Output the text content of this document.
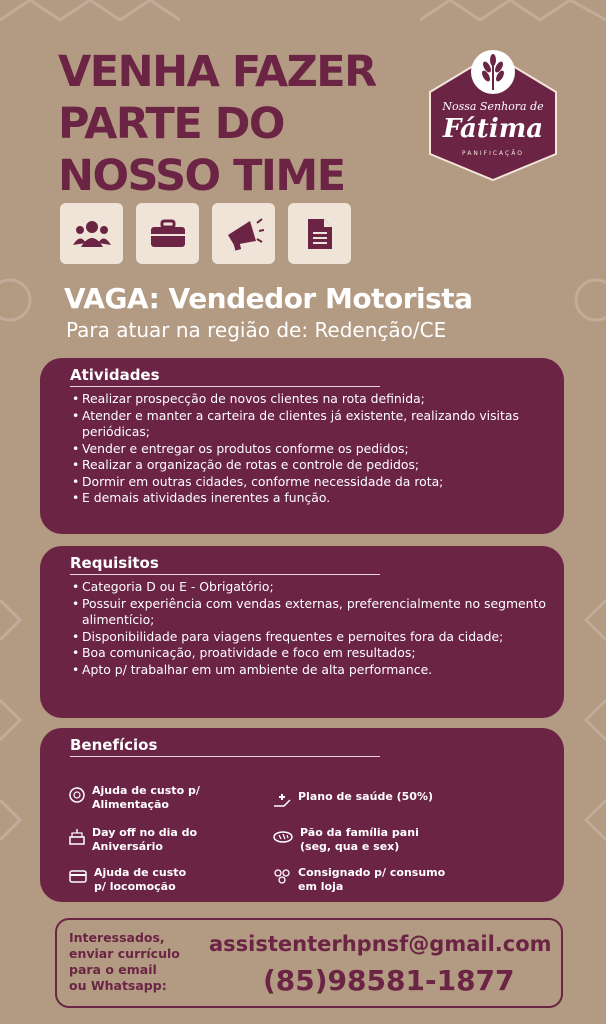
VENHA FAZER
PARTE DO
NOSSO TIME
Nossa Senhora de
Fátima
PANIFICAÇÃO
VAGA: Vendedor Motorista

Para atuar na região de: Redenção/CE

Atividades
• Realizar prospecção de novos clientes na rota definida;
• Atender e manter a carteira de clientes já existente, realizando visitas periódicas;
• Vender e entregar os produtos conforme os pedidos;
• Realizar a organização de rotas e controle de pedidos;
• Dormir em outras cidades, conforme necessidade da rota;
• E demais atividades inerentes a função.
Requisitos
• Categoria D ou E - Obrigatório;
• Possuir experiência com vendas externas, preferencialmente no segmento alimentício;
• Disponibilidade para viagens frequentes e pernoites fora da cidade;
• Boa comunicação, proatividade e foco em resultados;
• Apto p/ trabalhar em um ambiente de alta performance.
Benefícios
Ajuda de custo p/
Alimentação
Plano de saúde (50%)
Day off no dia do
Aniversário
Pão da família pani
(seg, qua e sex)
Ajuda de custo
p/ locomoção
Consignado p/ consumo
em loja
Interessados,
enviar currículo
para o email
ou Whatsapp:
assistenterhpnsf@gmail.com
(85)98581-1877
